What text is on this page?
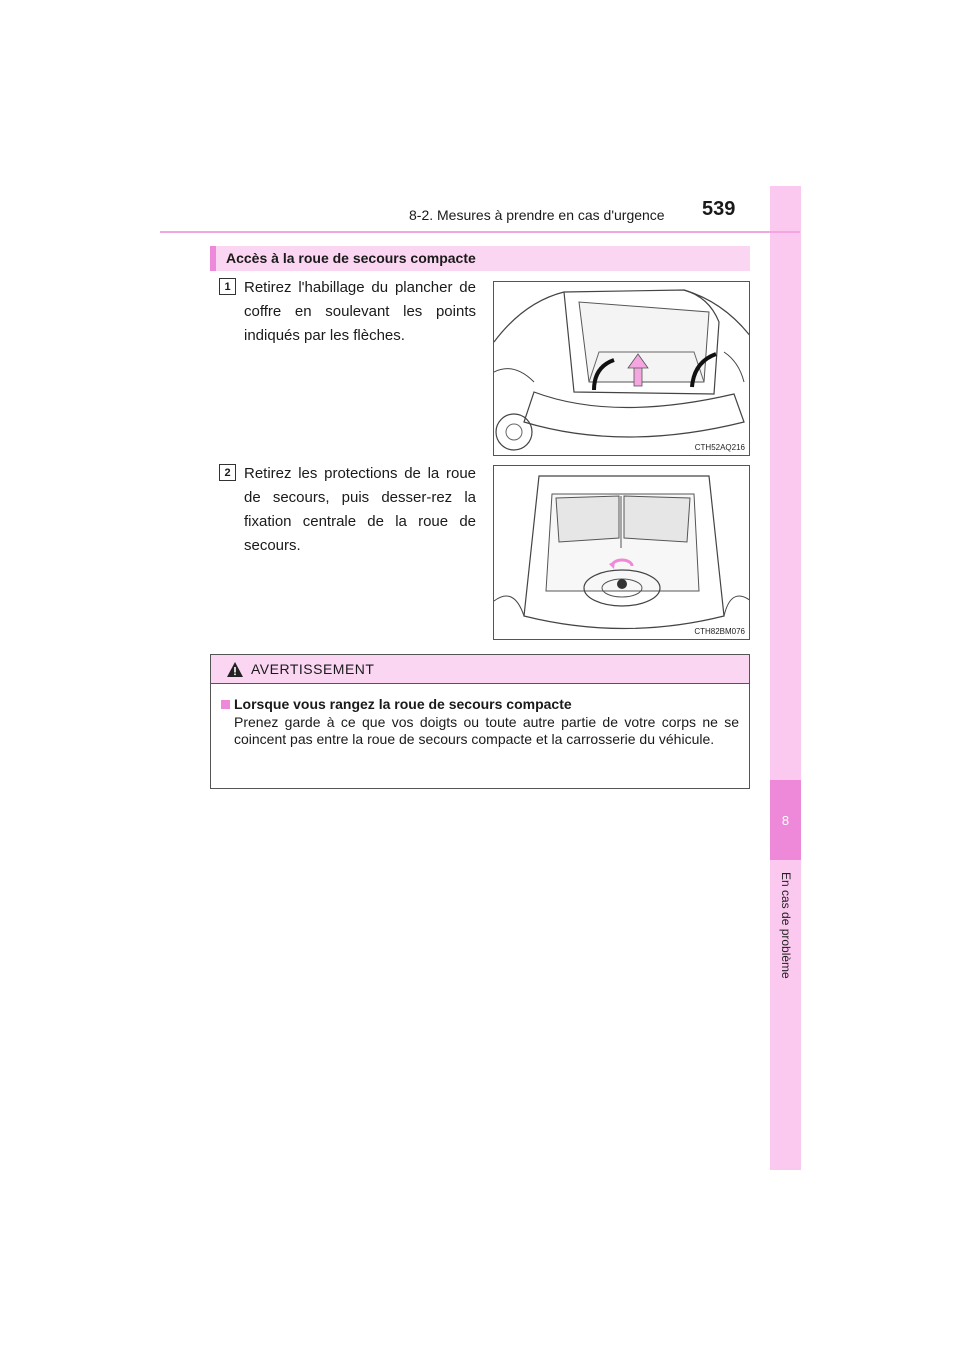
8
En cas de problème
8-2. Mesures à prendre en cas d'urgence 539
Accès à la roue de secours compacte
1 Retirez l'habillage du plancher de coffre en soulevant les points indiqués par les flèches.
CTH52AQ216
2 Retirez les protections de la roue de secours, puis desser-rez la fixation centrale de la roue de secours.
CTH82BM076
AVERTISSEMENT
Lorsque vous rangez la roue de secours compacte
Prenez garde à ce que vos doigts ou toute autre partie de votre corps ne se coincent pas entre la roue de secours compacte et la carrosserie du véhicule.
